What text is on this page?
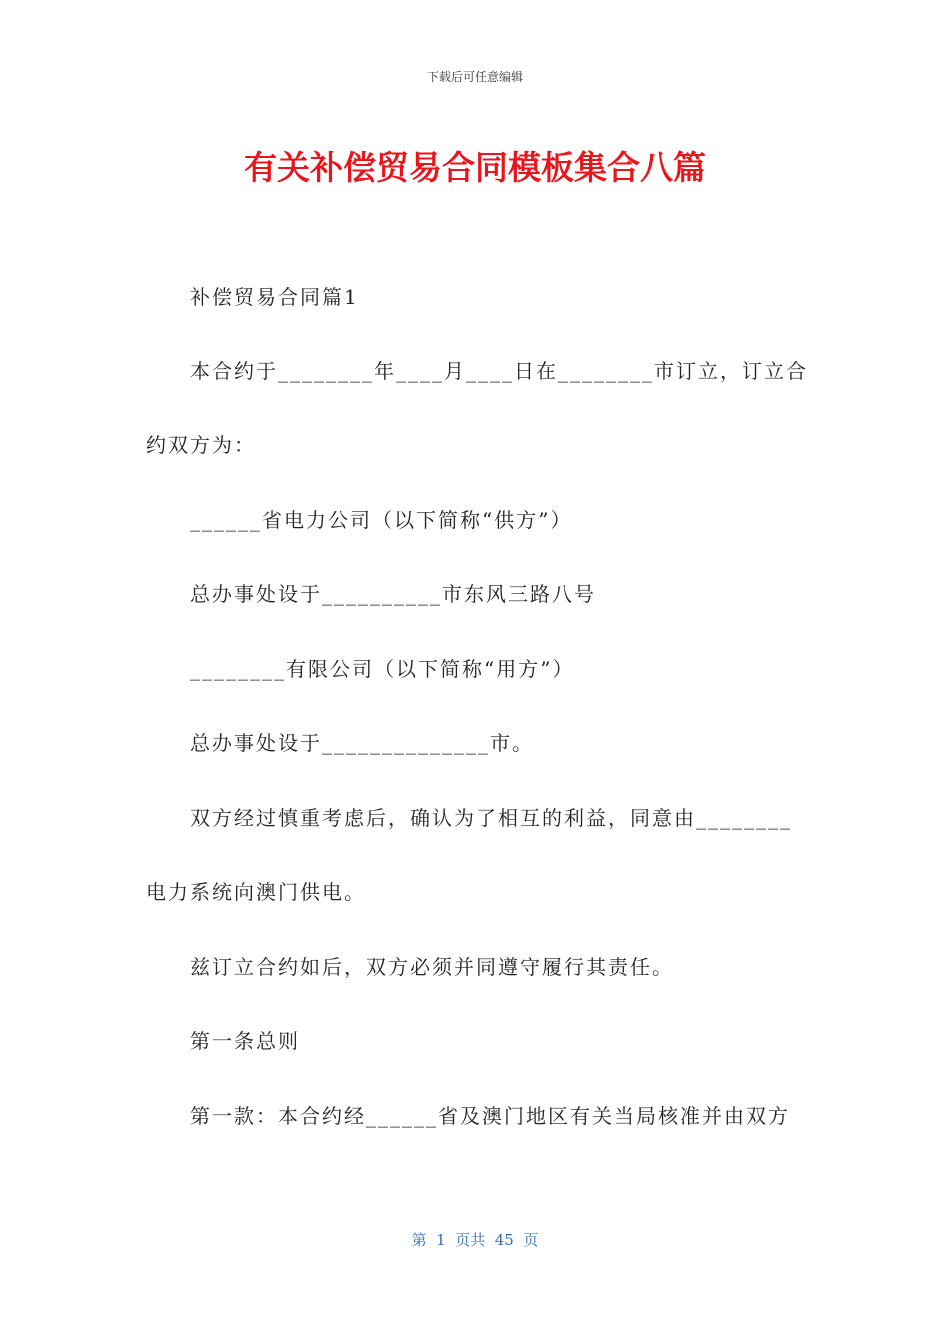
下载后可任意编辑
有关补偿贸易合同模板集合八篇
补偿贸易合同篇1
本合约于________年____月____日在________市订立，订立合
约双方为：
______省电力公司（以下简称“供方”）
总办事处设于__________市东风三路八号
________有限公司（以下简称“用方”）
总办事处设于______________市。
双方经过慎重考虑后，确认为了相互的利益，同意由________
电力系统向澳门供电。
兹订立合约如后，双方必须并同遵守履行其责任。
第一条总则
第一款：本合约经______省及澳门地区有关当局核准并由双方
第  1  页共  45  页
